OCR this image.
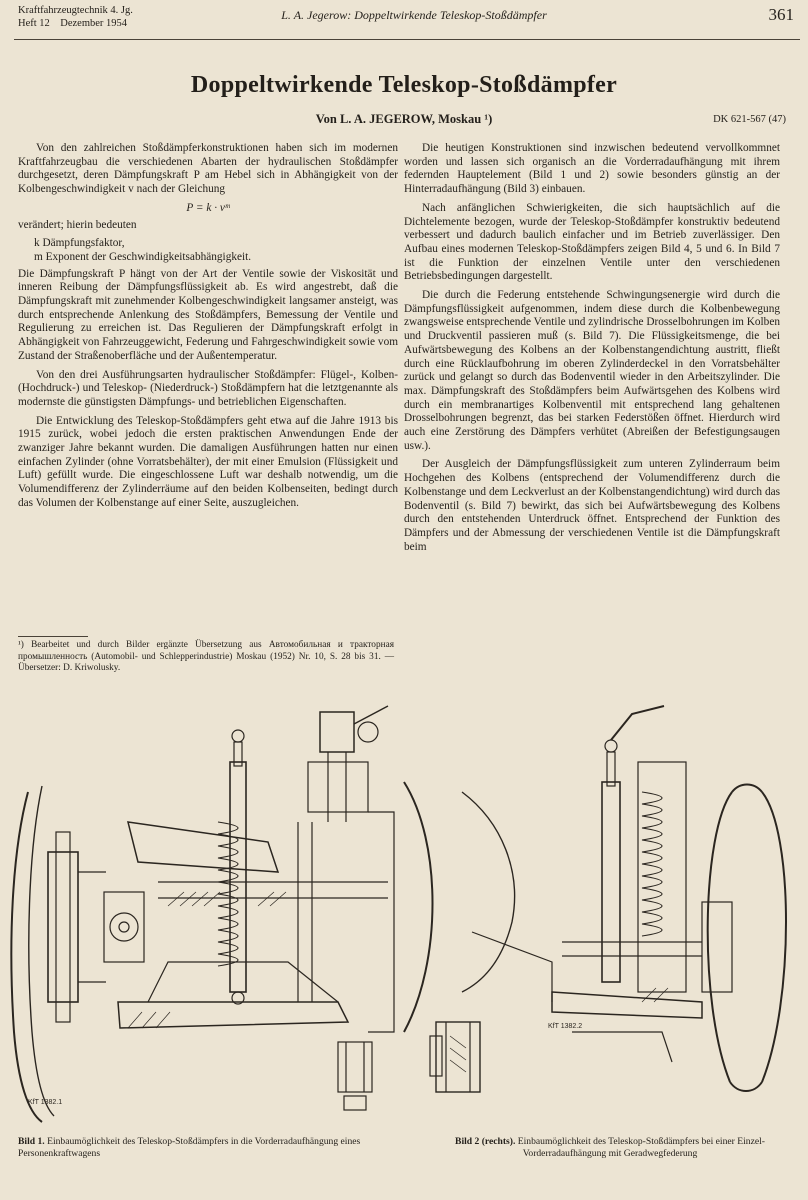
Kraftfahrzeugtechnik 4. Jg.
Heft 12    Dezember 1954
L. A. Jegerow: Doppeltwirkende Teleskop-Stoßdämpfer	361
Doppeltwirkende Teleskop-Stoßdämpfer
Von L. A. JEGEROW, Moskau ¹)	DK 621-567 (47)

Von den zahlreichen Stoßdämpferkonstruktionen haben sich im modernen Kraftfahrzeugbau die verschiedenen Abarten der hydraulischen Stoßdämpfer durchgesetzt, deren Dämpfungskraft P am Hebel sich in Abhängigkeit von der Kolbengeschwindigkeit v nach der Gleichung

P = k · vᵐ

verändert; hierin bedeuten

k Dämpfungsfaktor,
m Exponent der Geschwindigkeitsabhängigkeit.

Die Dämpfungskraft P hängt von der Art der Ventile sowie der Viskosität und inneren Reibung der Dämpfungsflüssigkeit ab. Es wird angestrebt, daß die Dämpfungskraft mit zunehmender Kolbengeschwindigkeit langsamer ansteigt, was durch entsprechende Anlenkung des Stoßdämpfers, Bemessung der Ventile und Regulierung zu erreichen ist. Das Regulieren der Dämpfungskraft erfolgt in Abhängigkeit von Fahrzeuggewicht, Federung und Fahrgeschwindigkeit sowie vom Zustand der Straßenoberfläche und der Außentemperatur.

Von den drei Ausführungsarten hydraulischer Stoßdämpfer: Flügel-, Kolben- (Hochdruck-) und Teleskop- (Niederdruck-) Stoßdämpfern hat die letztgenannte als modernste die günstigsten Dämpfungs- und betrieblichen Eigenschaften.

Die Entwicklung des Teleskop-Stoßdämpfers geht etwa auf die Jahre 1913 bis 1915 zurück, wobei jedoch die ersten praktischen Anwendungen Ende der zwanziger Jahre bekannt wurden. Die damaligen Ausführungen hatten nur einen einfachen Zylinder (ohne Vorratsbehälter), der mit einer Emulsion (Flüssigkeit und Luft) gefüllt wurde. Die eingeschlossene Luft war deshalb notwendig, um die Volumendifferenz der Zylinderräume auf den beiden Kolbenseiten, bedingt durch das Volumen der Kolbenstange auf einer Seite, auszugleichen.

¹) Bearbeitet und durch Bilder ergänzte Übersetzung aus Автомобильная и тракторная промышленность (Automobil- und Schlepperindustrie) Moskau (1952) Nr. 10, S. 28 bis 31. — Übersetzer: D. Kriwolusky.

Die heutigen Konstruktionen sind inzwischen bedeutend vervollkommnet worden und lassen sich organisch an die Vorderradaufhängung mit ihrem federnden Hauptelement (Bild 1 und 2) sowie besonders günstig an der Hinterradaufhängung (Bild 3) einbauen.

Nach anfänglichen Schwierigkeiten, die sich hauptsächlich auf die Dichtelemente bezogen, wurde der Teleskop-Stoßdämpfer konstruktiv bedeutend verbessert und dadurch baulich einfacher und im Betrieb zuverlässiger. Den Aufbau eines modernen Teleskop-Stoßdämpfers zeigen Bild 4, 5 und 6. In Bild 7 ist die Funktion der einzelnen Ventile unter den verschiedenen Betriebsbedingungen dargestellt.

Die durch die Federung entstehende Schwingungsenergie wird durch die Dämpfungsflüssigkeit aufgenommen, indem diese durch die Kolbenbewegung zwangsweise entsprechende Ventile und zylindrische Drosselbohrungen im Kolben und Druckventil passieren muß (s. Bild 7). Die Flüssigkeitsmenge, die bei Aufwärtsbewegung des Kolbens an der Kolbenstangendichtung austritt, fließt durch eine Rücklaufbohrung im oberen Zylinderdeckel in den Vorratsbehälter zurück und gelangt so durch das Bodenventil wieder in den Arbeitszylinder. Die max. Dämpfungskraft des Stoßdämpfers beim Aufwärtsgehen des Kolbens wird durch ein membranartiges Kolbenventil mit entsprechend lang gehaltenen Drosselbohrungen begrenzt, das bei starken Federstößen öffnet. Hierdurch wird auch eine Zerstörung des Dämpfers verhütet (Abreißen der Befestigungsaugen usw.).

Der Ausgleich der Dämpfungsflüssigkeit zum unteren Zylinderraum beim Hochgehen des Kolbens (entsprechend der Volumendifferenz durch die Kolbenstange und dem Leckverlust an der Kolbenstangendichtung) wird durch das Bodenventil (s. Bild 7) bewirkt, das sich bei Aufwärtsbewegung des Kolbens durch den entstehenden Unterdruck öffnet. Entsprechend der Funktion des Dämpfers und der Abmessung der verschiedenen Ventile ist die Dämpfungskraft beim

KfT 1382.1
KfT 1382.2
Bild 1. Einbaumöglichkeit des Teleskop-Stoßdämpfers in die Vorderradaufhängung eines Personenkraftwagens
Bild 2 (rechts). Einbaumöglichkeit des Teleskop-Stoßdämpfers bei einer Einzel-Vorderradaufhängung mit Geradwegfederung
